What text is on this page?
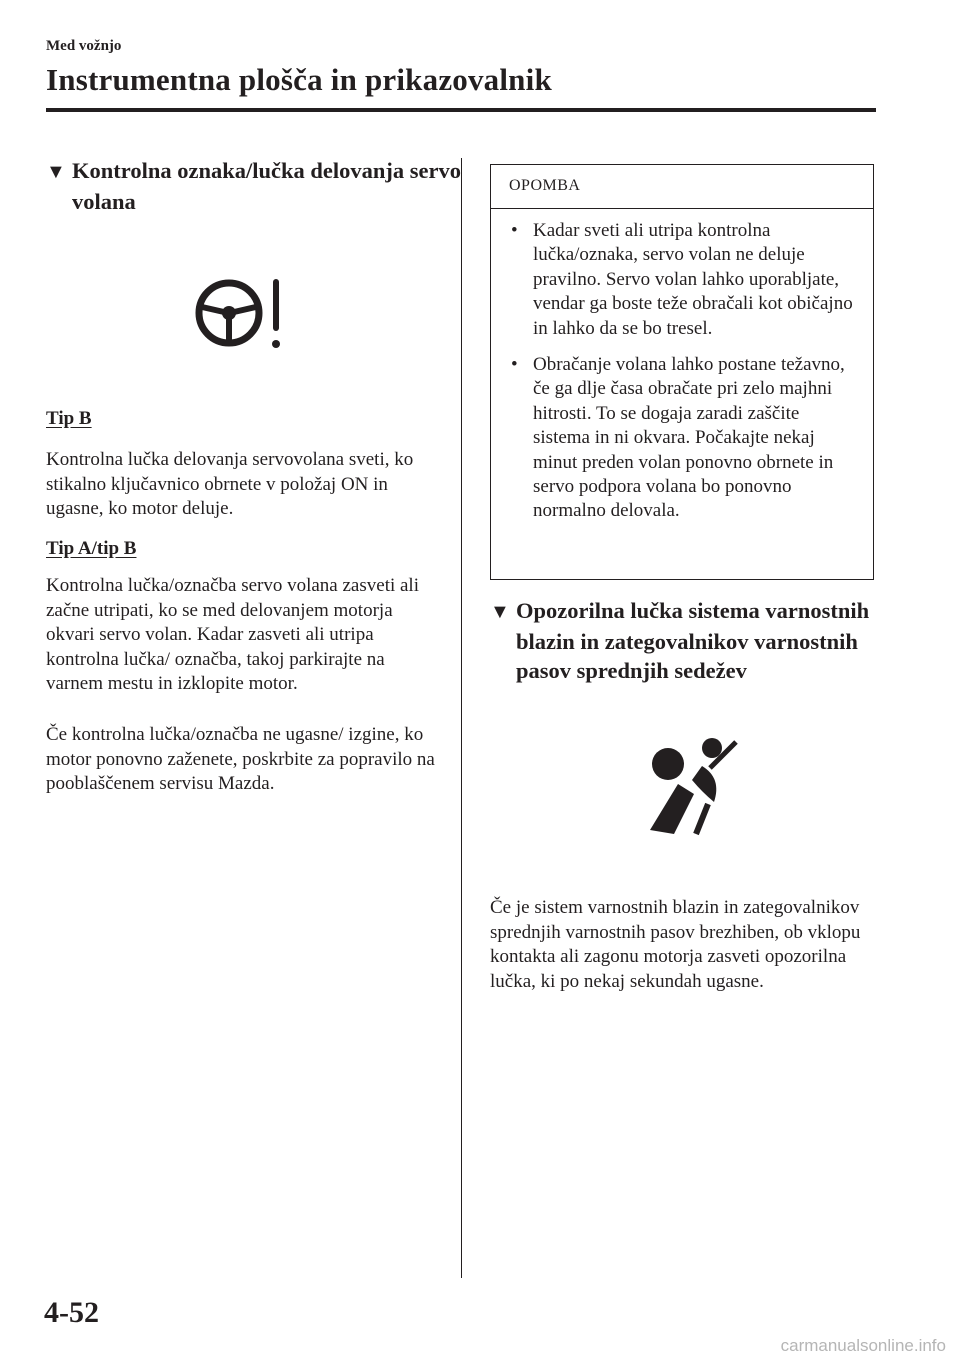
Med vožnjo
Instrumentna plošča in prikazovalnik
▼ Kontrolna oznaka/lučka delovanja servo volana
Tip B
Kontrolna lučka delovanja servovolana sveti, ko stikalno ključavnico obrnete v položaj ON in ugasne, ko motor deluje.
Tip A/tip B
Kontrolna lučka/označba servo volana zasveti ali začne utripati, ko se med delovanjem motorja okvari servo volan. Kadar zasveti ali utripa kontrolna lučka/ označba, takoj parkirajte na varnem mestu in izklopite motor.
Če kontrolna lučka/označba ne ugasne/ izgine, ko motor ponovno zaženete, poskrbite za popravilo na pooblaščenem servisu Mazda.
OPOMBA
• Kadar sveti ali utripa kontrolna lučka/oznaka, servo volan ne deluje pravilno. Servo volan lahko uporabljate, vendar ga boste teže obračali kot običajno in lahko da se bo tresel.
• Obračanje volana lahko postane težavno, če ga dlje časa obračate pri zelo majhni hitrosti. To se dogaja zaradi zaščite sistema in ni okvara. Počakajte nekaj minut preden volan ponovno obrnete in servo podpora volana bo ponovno normalno delovala.
▼ Opozorilna lučka sistema varnostnih blazin in zategovalnikov varnostnih pasov sprednjih sedežev
Če je sistem varnostnih blazin in zategovalnikov sprednjih varnostnih pasov brezhiben, ob vklopu kontakta ali zagonu motorja zasveti opozorilna lučka, ki po nekaj sekundah ugasne.
4-52
carmanualsonline.info
